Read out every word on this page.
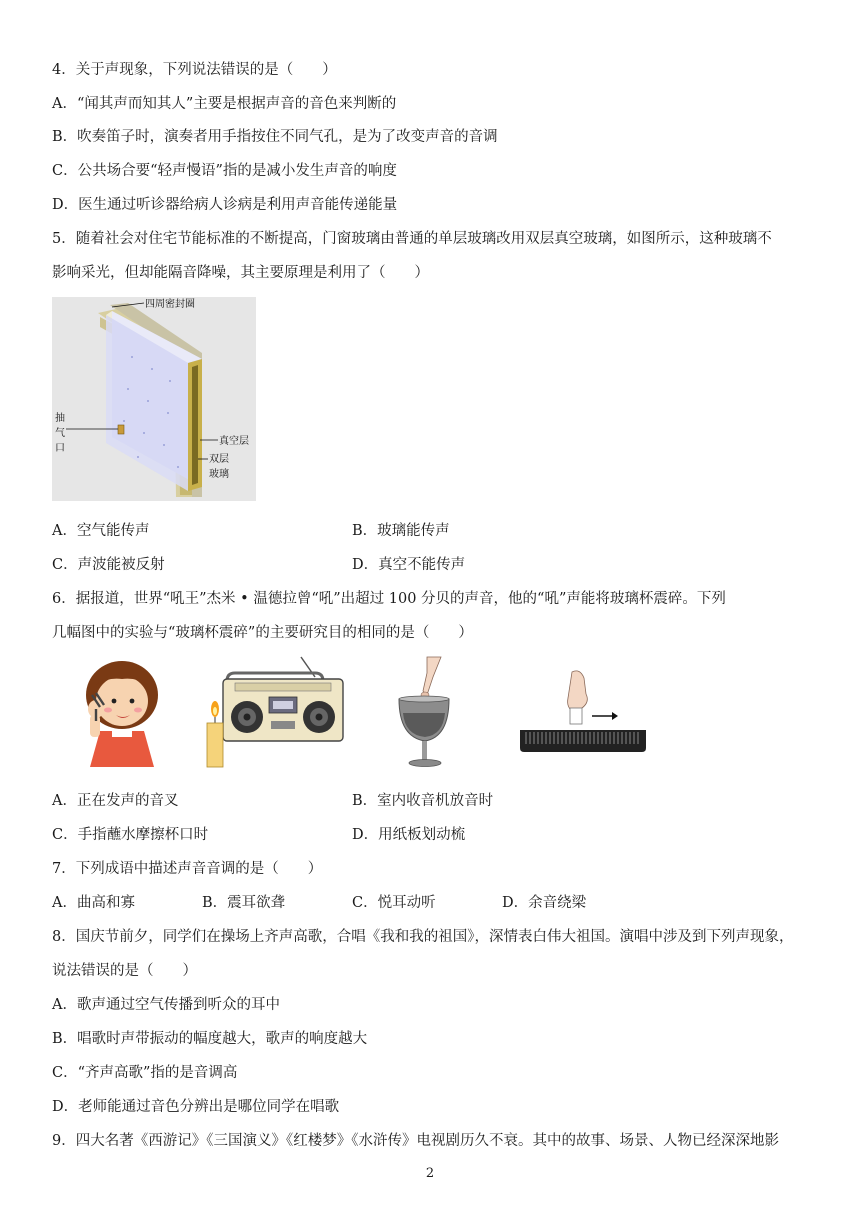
4．关于声现象，下列说法错误的是（　　）
A．“闻其声而知其人”主要是根据声音的音色来判断的
B．吹奏笛子时，演奏者用手指按住不同气孔，是为了改变声音的音调
C．公共场合要“轻声慢语”指的是减小发生声音的响度
D．医生通过听诊器给病人诊病是利用声音能传递能量
5．随着社会对住宅节能标准的不断提高，门窗玻璃由普通的单层玻璃改用双层真空玻璃，如图所示，这种玻璃不
影响采光，但却能隔音降噪，其主要原理是利用了（　　）
四周密封圈
抽
气
口
真空层
双层
玻璃
A．空气能传声	B．玻璃能传声
C．声波能被反射	D．真空不能传声
6．据报道，世界“吼王”杰米 • 温德拉曾“吼”出超过 100 分贝的声音，他的“吼”声能将玻璃杯震碎。下列
几幅图中的实验与“玻璃杯震碎”的主要研究目的相同的是（　　）
A．正在发声的音叉	B．室内收音机放音时
C．手指蘸水摩擦杯口时	D．用纸板划动梳
7．下列成语中描述声音音调的是（　　）
A．曲高和寡	B．震耳欲聋	C．悦耳动听	D．余音绕梁
8．国庆节前夕，同学们在操场上齐声高歌，合唱《我和我的祖国》，深情表白伟大祖国。演唱中涉及到下列声现象，
说法错误的是（　　）
A．歌声通过空气传播到听众的耳中
B．唱歌时声带振动的幅度越大，歌声的响度越大
C．“齐声高歌”指的是音调高
D．老师能通过音色分辨出是哪位同学在唱歌
9．四大名著《西游记》《三国演义》《红楼梦》《水浒传》电视剧历久不衰。其中的故事、场景、人物已经深深地影
2
